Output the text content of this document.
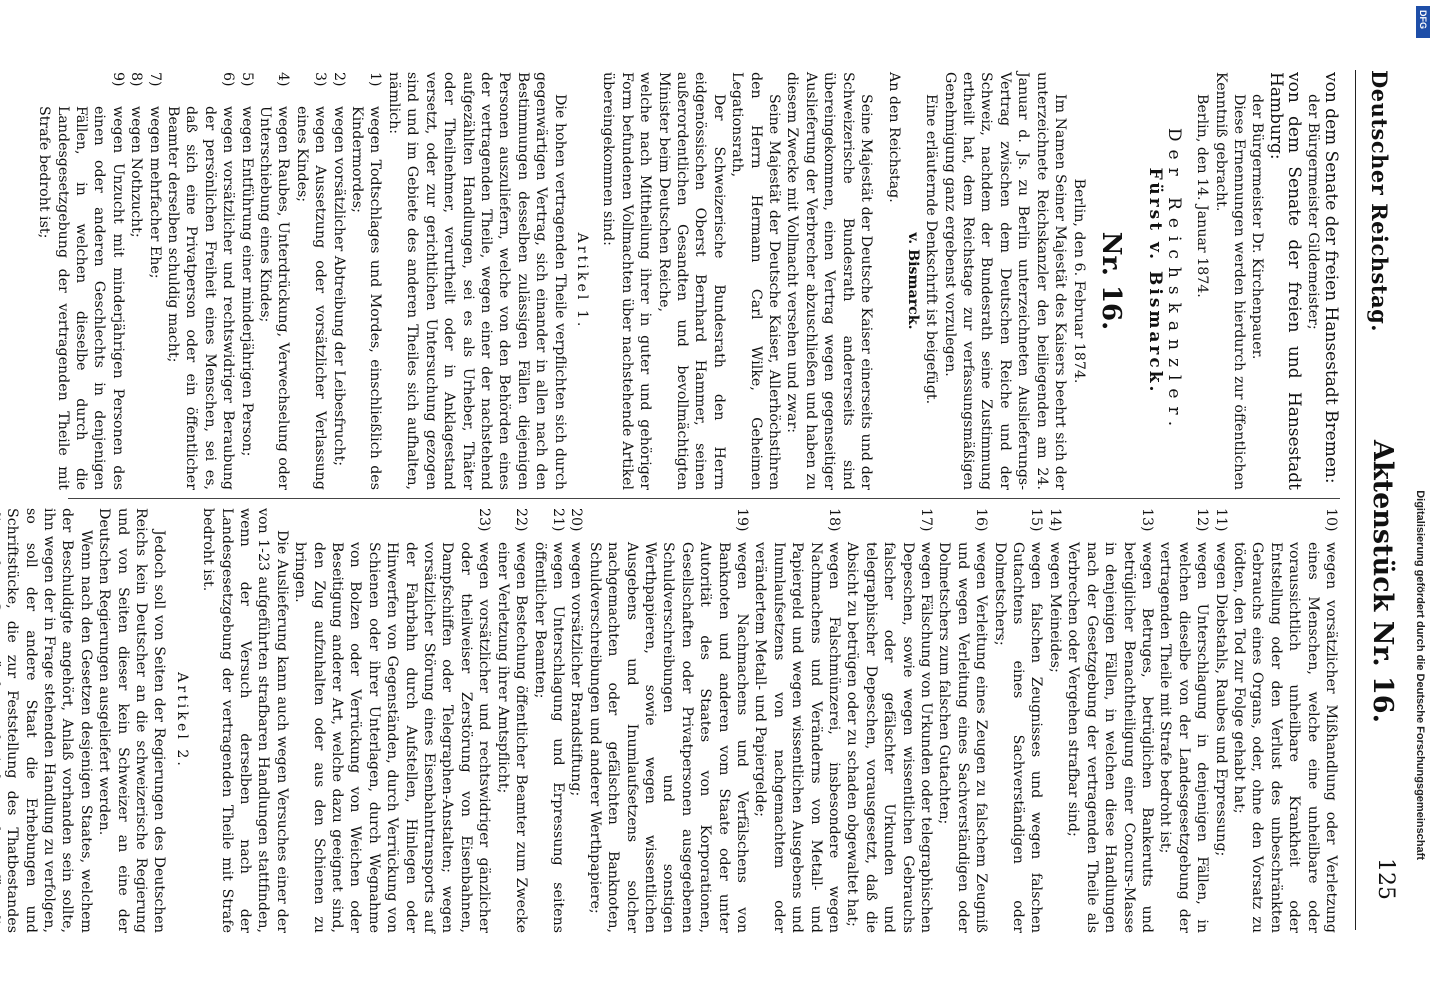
Deutscher Reichstag.
Aktenstück Nr. 16.
125

von dem Senate der freien Hansestadt Bremen:

der Bürgermeister Gildemeister;

von dem Senate der freien und Hansestadt Hamburg:

der Bürgermeister Dr. Kirchenpauer.

Diese Ernennungen werden hierdurch zur öffentlichen Kenntniß gebracht.

Berlin, den 14. Januar 1874.

Der Reichskanzler.

Fürst v. Bismarck.

Nr. 16.

Berlin, den 6. Februar 1874.

Im Namen Seiner Majestät des Kaisers beehrt sich der unterzeichnete Reichskanzler den beiliegenden am 24. Januar d. Js. zu Berlin unterzeichneten Auslieferungs-Vertrag zwischen dem Deutschen Reiche und der Schweiz, nachdem der Bundesrath seine Zustimmung ertheilt hat, dem Reichstage zur verfassungsmäßigen Genehmigung ganz ergebenst vorzulegen.

Eine erläuternde Denkschrift ist beigefügt.

v. Bismarck.

An den Reichstag.

Seine Majestät der Deutsche Kaiser einerseits und der Schweizerische Bundesrath andererseits sind übereingekommen, einen Vertrag wegen gegenseitiger Auslieferung der Verbrecher abzuschließen und haben zu diesem Zwecke mit Vollmacht versehen und zwar:

Seine Majestät der Deutsche Kaiser, Allerhöchstihren den Herrn Hermann Carl Wilke, Geheimen Legationsrath,

Der Schweizerische Bundesrath den Herrn eidgenössischen Oberst Bernhard Hammer, seinen außerordentlichen Gesandten und bevollmächtigten Minister beim Deutschen Reiche,

welche nach Mittheilung ihrer in guter und gehöriger Form befundenen Vollmachten über nachstehende Artikel übereingekommen sind:

Artikel 1.

Die hohen vertragenden Theile verpflichten sich durch gegenwärtigen Vertrag, sich einander in allen nach den Bestimmungen desselben zulässigen Fällen diejenigen Personen auszuliefern, welche von den Behörden eines der vertragenden Theile, wegen einer der nachstehend aufgezählten Handlungen, sei es als Urheber, Thäter oder Theilnehmer, verurtheilt oder in Anklagestand versetzt, oder zur gerichtlichen Untersuchung gezogen sind und im Gebiete des anderen Theiles sich aufhalten, nämlich:

1)
wegen Todtschlages und Mordes, einschließlich des Kindermordes;
2)
wegen vorsätzlicher Abtreibung der Leibesfrucht;
3)
wegen Aussetzung oder vorsätzlicher Verlassung eines Kindes;
4)
wegen Raubes, Unterdrückung, Verwechselung oder Unterschiebung eines Kindes;
5)
wegen Entführung einer minderjährigen Person;
6)
wegen vorsätzlicher und rechtswidriger Beraubung der persönlichen Freiheit eines Menschen, sei es, daß sich eine Privatperson oder ein öffentlicher Beamter derselben schuldig macht;
7)
wegen mehrfacher Ehe;
8)
wegen Nothzucht;
9)
wegen Unzucht mit minderjährigen Personen des einen oder anderen Geschlechts in denjenigen Fällen, in welchen dieselbe durch die Landesgesetzgebung der vertragenden Theile mit Strafe bedroht ist;
10)
wegen vorsätzlicher Mißhandlung oder Verletzung eines Menschen, welche eine unheilbare oder voraussichtlich unheilbare Krankheit oder Entstellung oder den Verlust des unbeschränkten Gebrauchs eines Organs, oder, ohne den Vorsatz zu tödten, den Tod zur Folge gehabt hat;
11)
wegen Diebstahls, Raubes und Erpressung;
12)
wegen Unterschlagung in denjenigen Fällen, in welchen dieselbe von der Landesgesetzgebung der vertragenden Theile mit Strafe bedroht ist;
13)
wegen Betruges, betrüglichen Bankerutts und betrüglicher Benachtheiligung einer Concurs-Masse in denjenigen Fällen, in welchen diese Handlungen nach der Gesetzgebung der vertragenden Theile als Verbrechen oder Vergehen strafbar sind;
14)
wegen Meineides;
15)
wegen falschen Zeugnisses und wegen falschen Gutachtens eines Sachverständigen oder Dolmetschers;
16)
wegen Verleitung eines Zeugen zu falschem Zeugniß und wegen Verleitung eines Sachverständigen oder Dolmetschers zum falschen Gutachten;
17)
wegen Fälschung von Urkunden oder telegraphischen Depeschen, sowie wegen wissentlichen Gebrauchs falscher oder gefälschter Urkunden und telegraphischer Depeschen, vorausgesetzt, daß die Absicht zu betrügen oder zu schaden obgewaltet hat;
18)
wegen Falschmünzerei, insbesondere wegen Nachmachens und Veränderns von Metall- und Papiergeld und wegen wissentlichen Ausgebens und Inumlaufsetzens von nachgemachtem oder verändertem Metall- und Papiergelde;
19)
wegen Nachmachens und Verfälschens von Banknoten und anderen vom Staate oder unter Autorität des Staates von Korporationen, Gesellschaften oder Privatpersonen ausgegebenen Schuldverschreibungen und sonstigen Werthpapieren, sowie wegen wissentlichen Ausgebens und Inumlaufsetzens solcher nachgemachten oder gefälschten Banknoten, Schuldverschreibungen und anderer Werthpapiere;
20)
wegen vorsätzlicher Brandstiftung;
21)
wegen Unterschlagung und Erpressung seitens öffentlicher Beamten;
22)
wegen Bestechung öffentlicher Beamter zum Zwecke einer Verletzung ihrer Amtspflicht;
23)
wegen vorsätzlicher und rechtswidriger gänzlicher oder theilweiser Zerstörung von Eisenbahnen, Dampfschiffen oder Telegraphen-Anstalten; wegen vorsätzlicher Störung eines Eisenbahntransports auf der Fahrbahn durch Aufstellen, Hinlegen oder Hinwerfen von Gegenständen, durch Verrückung von Schienen oder ihrer Unterlagen, durch Wegnahme von Bolzen oder Verrückung von Weichen oder Beseitigung anderer Art, welche dazu geeignet sind, den Zug aufzuhalten oder aus den Schienen zu bringen.

Die Auslieferung kann auch wegen Versuches einer der von 1-23 aufgeführten strafbaren Handlungen stattfinden, wenn der Versuch derselben nach der Landesgesetzgebung der vertragenden Theile mit Strafe bedroht ist.

Artikel 2.

Jedoch soll von Seiten der Regierungen des Deutschen Reichs kein Deutscher an die schweizerische Regierung und von Seiten dieser kein Schweizer an eine der Deutschen Regierungen ausgeliefert werden.

Wenn nach den Gesetzen desjenigen Staates, welchem der Beschuldigte angehört, Anlaß vorhanden sein sollte, ihn wegen der in Frage stehenden Handlung zu verfolgen, so soll der andere Staat die Erhebungen und Schriftstücke, die zur Feststellung des Thatbestandes

Digitalisierung gefördert durch die Deutsche Forschungsgemeinschaft
DFG
